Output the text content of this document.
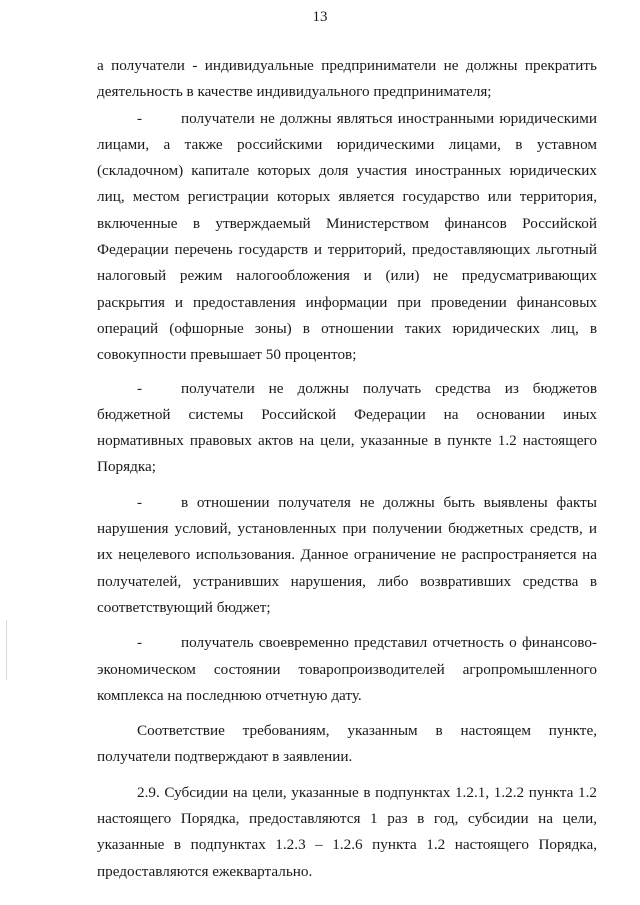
13

а получатели - индивидуальные предприниматели не должны прекратить деятельность в качестве индивидуального предпринимателя;

-	получатели не должны являться иностранными юридическими лицами, а также российскими юридическими лицами, в уставном (складочном) капитале которых доля участия иностранных юридических лиц, местом регистрации которых является государство или территория, включенные в утверждаемый Министерством финансов Российской Федерации перечень государств и территорий, предоставляющих льготный налоговый режим налогообложения и (или) не предусматривающих раскрытия и предоставления информации при проведении финансовых операций (офшорные зоны) в отношении таких юридических лиц, в совокупности превышает 50 процентов;

-	получатели не должны получать средства из бюджетов бюджетной системы Российской Федерации на основании иных нормативных правовых актов на цели, указанные в пункте 1.2 настоящего Порядка;

-	в отношении получателя не должны быть выявлены факты нарушения условий, установленных при получении бюджетных средств, и их нецелевого использования. Данное ограничение не распространяется на получателей, устранивших нарушения, либо возвративших средства в соответствующий бюджет;

-	получатель своевременно представил отчетность о финансово-экономическом состоянии товаропроизводителей агропромышленного комплекса на последнюю отчетную дату.

Соответствие требованиям, указанным в настоящем пункте, получатели подтверждают в заявлении.

2.9. Субсидии на цели, указанные в подпунктах 1.2.1, 1.2.2 пункта 1.2 настоящего Порядка, предоставляются 1 раз в год, субсидии на цели, указанные в подпунктах 1.2.3 – 1.2.6 пункта 1.2 настоящего Порядка, предоставляются ежеквартально.
